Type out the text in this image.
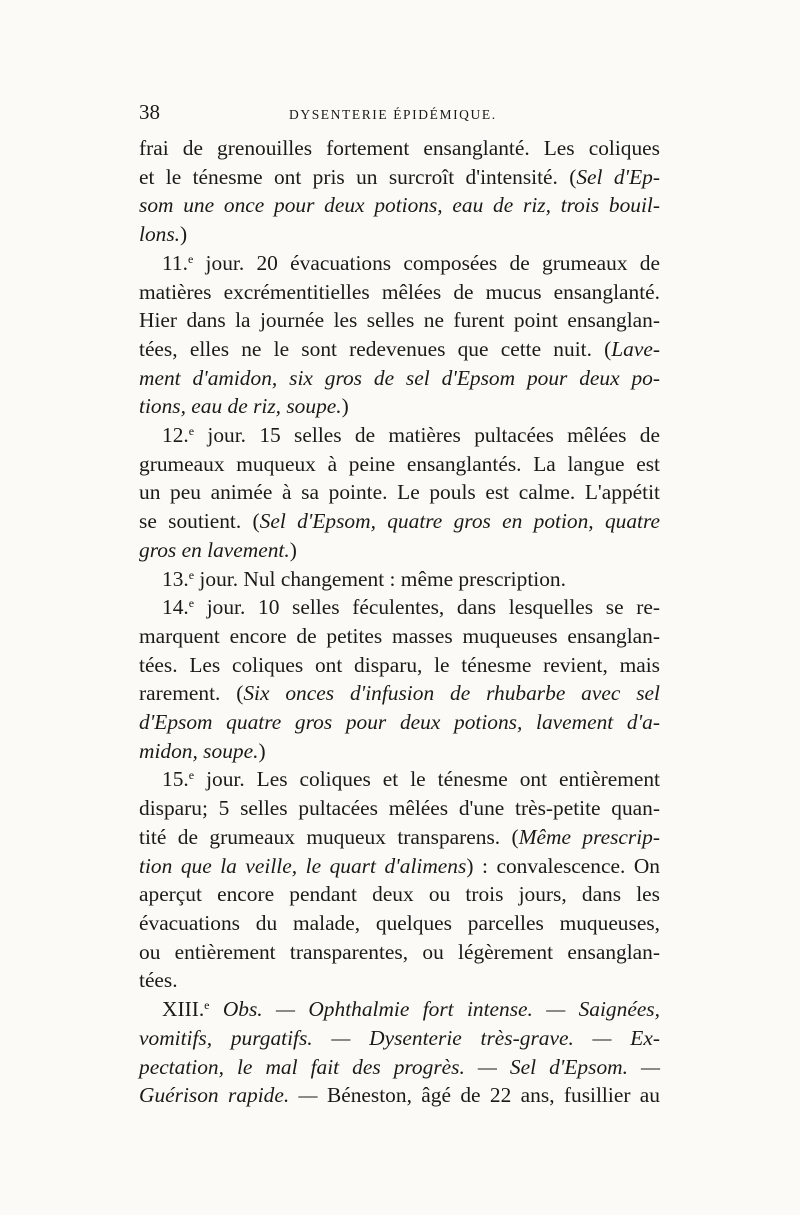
38	DYSENTERIE ÉPIDÉMIQUE.
frai de grenouilles fortement ensanglanté. Les coliques
et le ténesme ont pris un surcroît d'intensité. (Sel d'Ep-
som une once pour deux potions, eau de riz, trois bouil-
lons.)
11.$^e$ jour. 20 évacuations composées de grumeaux de
matières excrémentitielles mêlées de mucus ensanglanté.
Hier dans la journée les selles ne furent point ensanglan-
tées, elles ne le sont redevenues que cette nuit. (Lave-
ment d'amidon, six gros de sel d'Epsom pour deux po-
tions, eau de riz, soupe.)
12.$^e$ jour. 15 selles de matières pultacées mêlées de
grumeaux muqueux à peine ensanglantés. La langue est
un peu animée à sa pointe. Le pouls est calme. L'appétit
se soutient. (Sel d'Epsom, quatre gros en potion, quatre
gros en lavement.)
13.$^e$ jour. Nul changement : même prescription.
14.$^e$ jour. 10 selles féculentes, dans lesquelles se re-
marquent encore de petites masses muqueuses ensanglan-
tées. Les coliques ont disparu, le ténesme revient, mais
rarement. (Six onces d'infusion de rhubarbe avec sel
d'Epsom quatre gros pour deux potions, lavement d'a-
midon, soupe.)
15.$^e$ jour. Les coliques et le ténesme ont entièrement
disparu; 5 selles pultacées mêlées d'une très-petite quan-
tité de grumeaux muqueux transparens. (Même prescrip-
tion que la veille, le quart d'alimens) : convalescence. On
aperçut encore pendant deux ou trois jours, dans les
évacuations du malade, quelques parcelles muqueuses,
ou entièrement transparentes, ou légèrement ensanglan-
tées.
XIII.$^e$ Obs. — Ophthalmie fort intense. — Saignées,
vomitifs, purgatifs. — Dysenterie très-grave. — Ex-
pectation, le mal fait des progrès. — Sel d'Epsom. —
Guérison rapide. — Béneston, âgé de 22 ans, fusillier au
